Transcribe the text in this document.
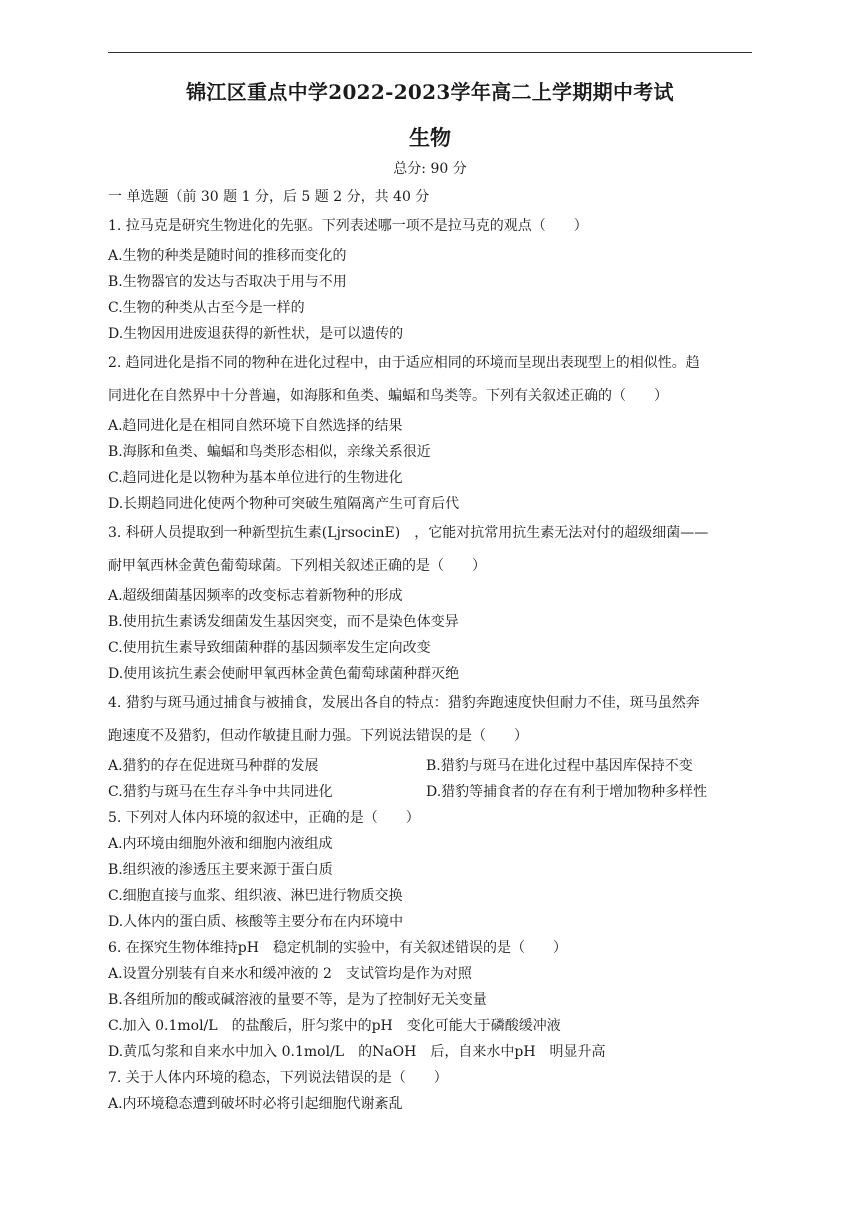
锦江区重点中学2022-2023学年高二上学期期中考试
生物
总分: 90 分
一 单选题（前 30 题 1 分，后 5 题 2 分，共 40 分
1. 拉马克是研究生物进化的先驱。下列表述哪一项不是拉马克的观点（　　）
A.生物的种类是随时间的推移而变化的
B.生物器官的发达与否取决于用与不用
C.生物的种类从古至今是一样的
D.生物因用进废退获得的新性状，是可以遗传的
2. 趋同进化是指不同的物种在进化过程中，由于适应相同的环境而呈现出表现型上的相似性。趋
同进化在自然界中十分普遍，如海豚和鱼类、蝙蝠和鸟类等。下列有关叙述正确的（　　）
A.趋同进化是在相同自然环境下自然选择的结果
B.海豚和鱼类、蝙蝠和鸟类形态相似，亲缘关系很近
C.趋同进化是以物种为基本单位进行的生物进化
D.长期趋同进化使两个物种可突破生殖隔离产生可育后代
3. 科研人员提取到一种新型抗生素(LjrsocinE)　，它能对抗常用抗生素无法对付的超级细菌——
耐甲氧西林金黄色葡萄球菌。下列相关叙述正确的是（　　）
A.超级细菌基因频率的改变标志着新物种的形成
B.使用抗生素诱发细菌发生基因突变，而不是染色体变异
C.使用抗生素导致细菌种群的基因频率发生定向改变
D.使用该抗生素会使耐甲氧西林金黄色葡萄球菌种群灭绝
4. 猎豹与斑马通过捕食与被捕食，发展出各自的特点：猎豹奔跑速度快但耐力不佳，斑马虽然奔
跑速度不及猎豹，但动作敏捷且耐力强。下列说法错误的是（　　）
A.猎豹的存在促进斑马种群的发展	B.猎豹与斑马在进化过程中基因库保持不变
C.猎豹与斑马在生存斗争中共同进化	D.猎豹等捕食者的存在有利于增加物种多样性
5. 下列对人体内环境的叙述中，正确的是（　　）
A.内环境由细胞外液和细胞内液组成
B.组织液的渗透压主要来源于蛋白质
C.细胞直接与血浆、组织液、淋巴进行物质交换
D.人体内的蛋白质、核酸等主要分布在内环境中
6. 在探究生物体维持pH　稳定机制的实验中，有关叙述错误的是（　　）
A.设置分别装有自来水和缓冲液的 2　支试管均是作为对照
B.各组所加的酸或碱溶液的量要不等，是为了控制好无关变量
C.加入 0.1mol/L　的盐酸后，肝匀浆中的pH　变化可能大于磷酸缓冲液
D.黄瓜匀浆和自来水中加入 0.1mol/L　的NaOH　后，自来水中pH　明显升高
7. 关于人体内环境的稳态，下列说法错误的是（　　）
A.内环境稳态遭到破坏时必将引起细胞代谢紊乱
